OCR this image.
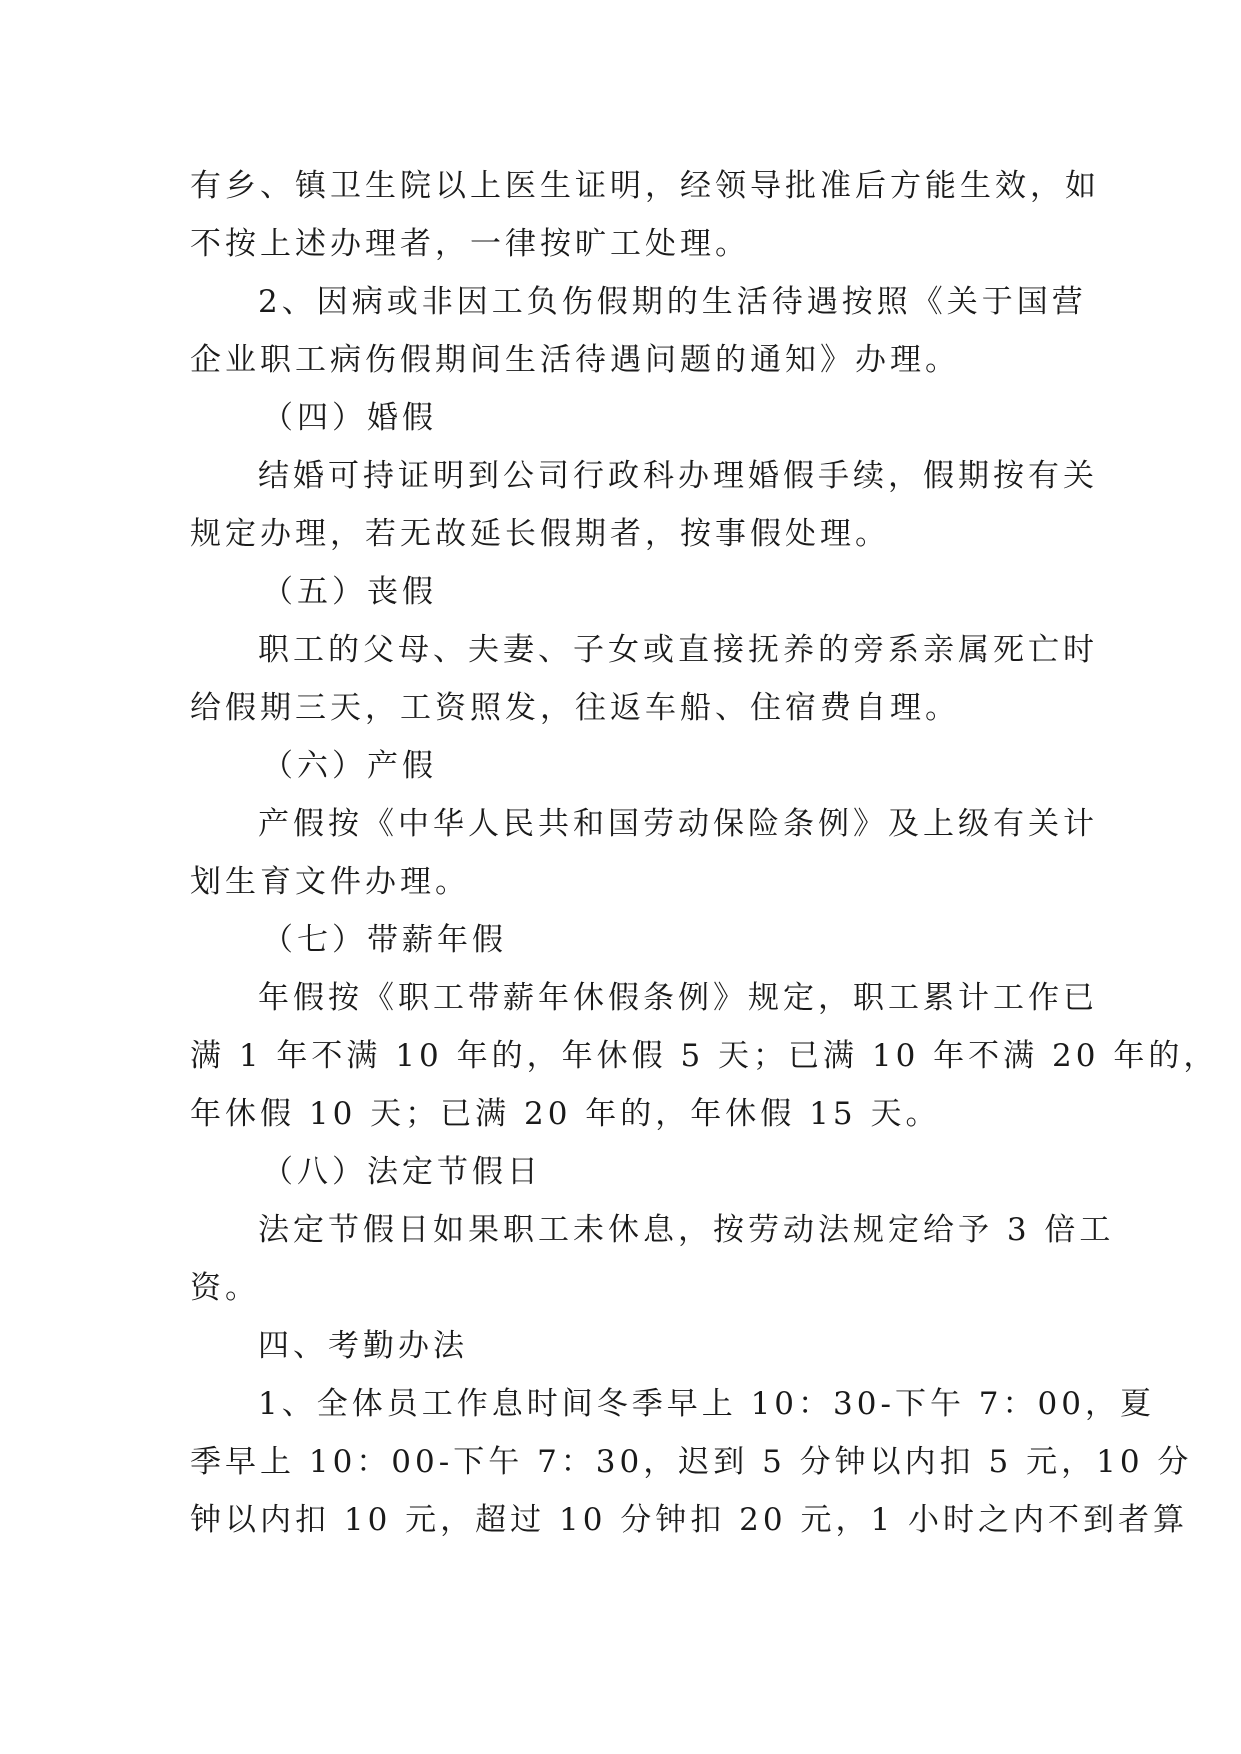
有乡、镇卫生院以上医生证明，经领导批准后方能生效，如
不按上述办理者，一律按旷工处理。
2、因病或非因工负伤假期的生活待遇按照《关于国营
企业职工病伤假期间生活待遇问题的通知》办理。
（四）婚假
结婚可持证明到公司行政科办理婚假手续，假期按有关
规定办理，若无故延长假期者，按事假处理。
（五）丧假
职工的父母、夫妻、子女或直接抚养的旁系亲属死亡时
给假期三天，工资照发，往返车船、住宿费自理。
（六）产假
产假按《中华人民共和国劳动保险条例》及上级有关计
划生育文件办理。
（七）带薪年假
年假按《职工带薪年休假条例》规定，职工累计工作已
满 1 年不满 10 年的，年休假 5 天；已满 10 年不满 20 年的，
年休假 10 天；已满 20 年的，年休假 15 天。
（八）法定节假日
法定节假日如果职工未休息，按劳动法规定给予 3 倍工
资。
四、考勤办法
1、全体员工作息时间冬季早上 10：30-下午 7：00，夏
季早上 10：00-下午 7：30，迟到 5 分钟以内扣 5 元，10 分
钟以内扣 10 元，超过 10 分钟扣 20 元，1 小时之内不到者算
